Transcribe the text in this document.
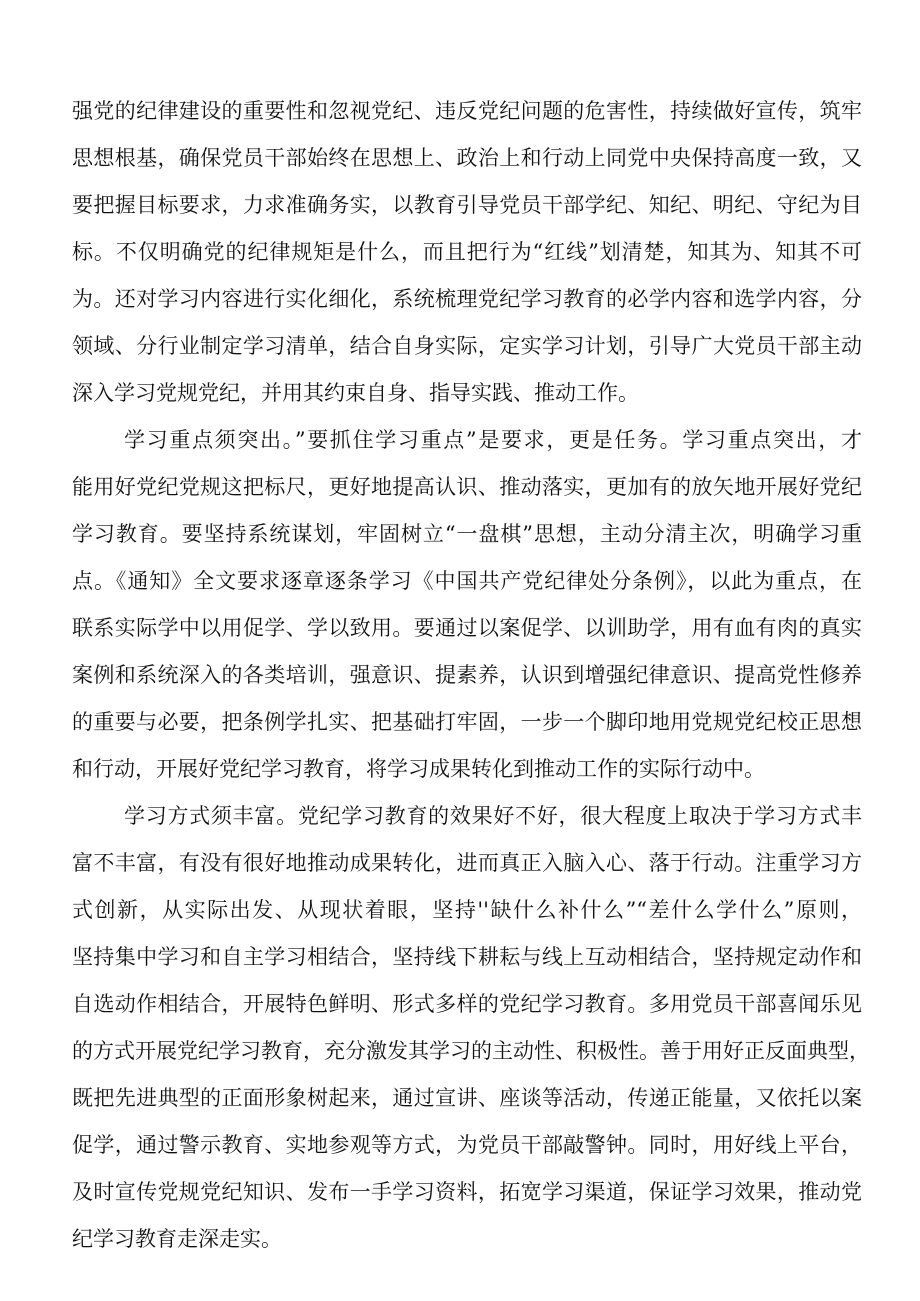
强党的纪律建设的重要性和忽视党纪、违反党纪问题的危害性，持续做好宣传，筑牢
思想根基，确保党员干部始终在思想上、政治上和行动上同党中央保持高度一致，又
要把握目标要求，力求准确务实，以教育引导党员干部学纪、知纪、明纪、守纪为目
标。不仅明确党的纪律规矩是什么，而且把行为“红线”划清楚，知其为、知其不可
为。还对学习内容进行实化细化，系统梳理党纪学习教育的必学内容和选学内容，分
领域、分行业制定学习清单，结合自身实际，定实学习计划，引导广大党员干部主动
深入学习党规党纪，并用其约束自身、指导实践、推动工作。
学习重点须突出。”要抓住学习重点”是要求，更是任务。学习重点突出，才
能用好党纪党规这把标尺，更好地提高认识、推动落实，更加有的放矢地开展好党纪
学习教育。要坚持系统谋划，牢固树立“一盘棋”思想，主动分清主次，明确学习重
点。《通知》全文要求逐章逐条学习《中国共产党纪律处分条例》，以此为重点，在
联系实际学中以用促学、学以致用。要通过以案促学、以训助学，用有血有肉的真实
案例和系统深入的各类培训，强意识、提素养，认识到增强纪律意识、提高党性修养
的重要与必要，把条例学扎实、把基础打牢固，一步一个脚印地用党规党纪校正思想
和行动，开展好党纪学习教育，将学习成果转化到推动工作的实际行动中。
学习方式须丰富。党纪学习教育的效果好不好，很大程度上取决于学习方式丰
富不丰富，有没有很好地推动成果转化，进而真正入脑入心、落于行动。注重学习方
式创新，从实际出发、从现状着眼，坚持''缺什么补什么”“差什么学什么”原则，
坚持集中学习和自主学习相结合，坚持线下耕耘与线上互动相结合，坚持规定动作和
自选动作相结合，开展特色鲜明、形式多样的党纪学习教育。多用党员干部喜闻乐见
的方式开展党纪学习教育，充分激发其学习的主动性、积极性。善于用好正反面典型，
既把先进典型的正面形象树起来，通过宣讲、座谈等活动，传递正能量，又依托以案
促学，通过警示教育、实地参观等方式，为党员干部敲警钟。同时，用好线上平台，
及时宣传党规党纪知识、发布一手学习资料，拓宽学习渠道，保证学习效果，推动党
纪学习教育走深走实。
